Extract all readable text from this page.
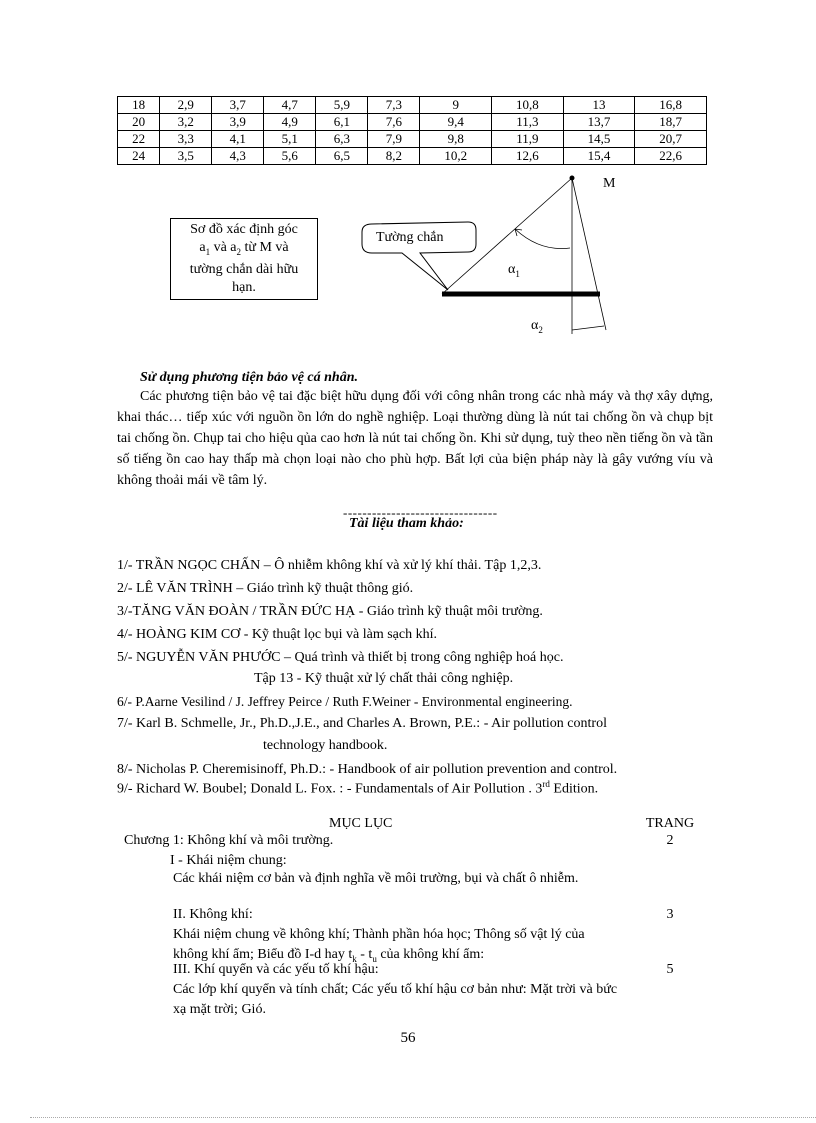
18	2,9	3,7	4,7	5,9	7,3	9	10,8	13	16,8
20	3,2	3,9	4,9	6,1	7,6	9,4	11,3	13,7	18,7
22	3,3	4,1	5,1	6,3	7,9	9,8	11,9	14,5	20,7
24	3,5	4,3	5,6	6,5	8,2	10,2	12,6	15,4	22,6
Sơ đồ xác định góc
$a_1$ và $a_2$ từ M và
tường chắn dài hữu
hạn.
Tường chắn
M
$\alpha_1$
$\alpha_2$
Sử dụng phương tiện bảo vệ cá nhân.

Các phương tiện bảo vệ tai đặc biệt hữu dụng đối với công nhân trong các nhà máy và thợ xây dựng, khai thác… tiếp xúc với nguồn ồn lớn do nghề nghiệp. Loại thường dùng là nút tai chống ồn và chụp bịt tai chống ồn. Chụp tai cho hiệu qủa cao hơn là nút tai chống ồn. Khi sử dụng, tuỳ theo nền tiếng ồn và tần số tiếng ồn cao hay thấp mà chọn loại nào cho phù hợp. Bất lợi của biện pháp này là gây vướng víu và không thoải mái về tâm lý.

--------------------------------
Tài liệu tham khảo:
1/- TRẦN NGỌC CHẤN – Ô nhiễm không khí và xử lý khí thải. Tập 1,2,3.
2/- LÊ VĂN TRÌNH – Giáo trình kỹ thuật thông gió.
3/-TĂNG VĂN ĐOÀN / TRẦN ĐỨC HẠ - Giáo trình kỹ thuật môi trường.
4/- HOÀNG KIM CƠ - Kỹ thuật lọc bụi và làm sạch khí.
5/- NGUYỄN VĂN PHƯỚC – Quá trình và thiết bị trong công nghiệp hoá học.
Tập 13 - Kỹ thuật xử lý chất thải công nghiệp.
6/- P.Aarne Vesilind / J. Jeffrey Peirce / Ruth F.Weiner - Environmental engineering.
7/- Karl B. Schmelle, Jr., Ph.D.,J.E., and Charles A. Brown, P.E.: - Air pollution control
technology handbook.
8/- Nicholas P. Cheremisinoff, Ph.D.: - Handbook of air pollution prevention and control.
9/- Richard W. Boubel; Donald L. Fox. : - Fundamentals of Air Pollution . 3rd Edition.
MỤC LỤC	TRANG
Chương 1: Không khí và môi trường.	2
I - Khái niệm chung:
Các khái niệm cơ bản và định nghĩa về môi trường, bụi và chất ô nhiễm.
II. Không khí:	3
Khái niệm chung về không khí; Thành phần hóa học; Thông số vật lý của không khí ẩm; Biểu đồ I-d hay $t_k - t_u$ của không khí ẩm:
III. Khí quyển và các yếu tố khí hậu:	5
Các lớp khí quyển và tính chất; Các yếu tố khí hậu cơ bản như: Mặt trời và bức xạ mặt trời; Gió.
56
